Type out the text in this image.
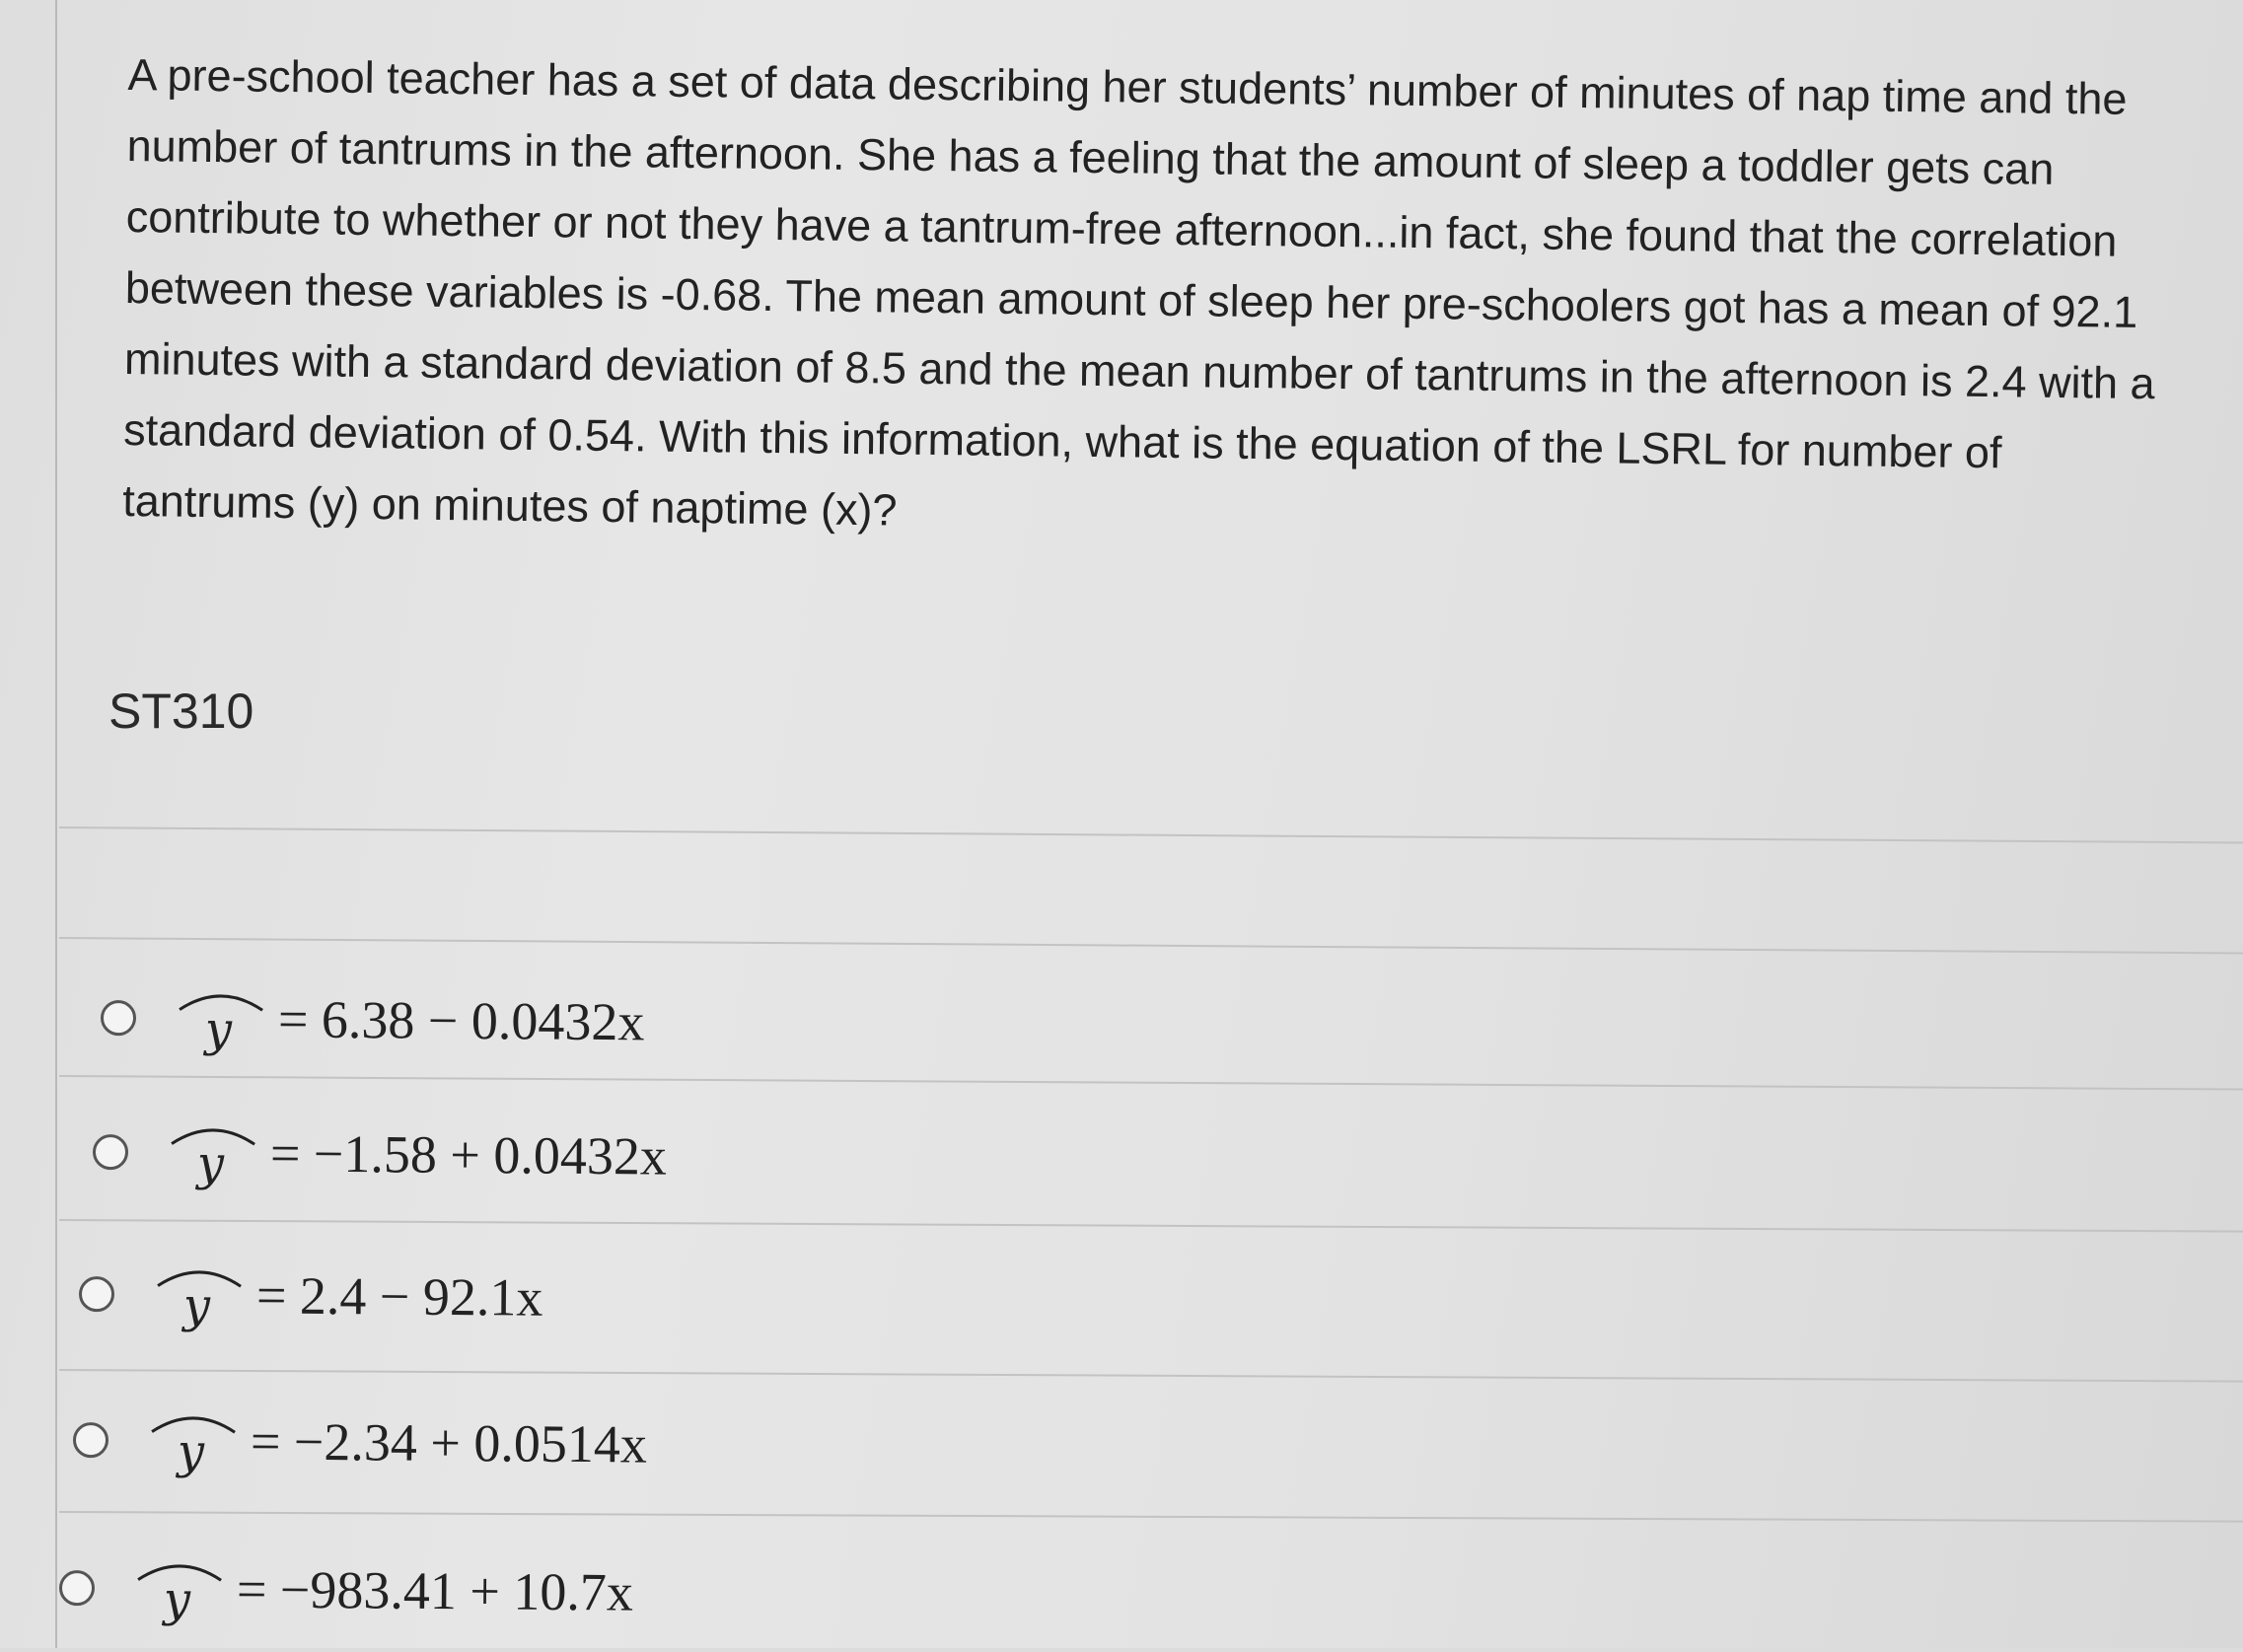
A pre-school teacher has a set of data describing her students’ number of minutes of nap time and the number of tantrums in the afternoon. She has a feeling that the amount of sleep a toddler gets can contribute to whether or not they have a tantrum-free afternoon...in fact, she found that the correlation between these variables is -0.68. The mean amount of sleep her pre-schoolers got has a mean of 92.1 minutes with a standard deviation of 8.5 and the mean number of tantrums in the afternoon is 2.4 with a standard deviation of 0.54. With this information, what is the equation of the LSRL for number of tantrums (y) on minutes of naptime (x)?

ST310
y = 6.38 − 0.0432x
y = −1.58 + 0.0432x
y = 2.4 − 92.1x
y = −2.34 + 0.0514x
y = −983.41 + 10.7x
